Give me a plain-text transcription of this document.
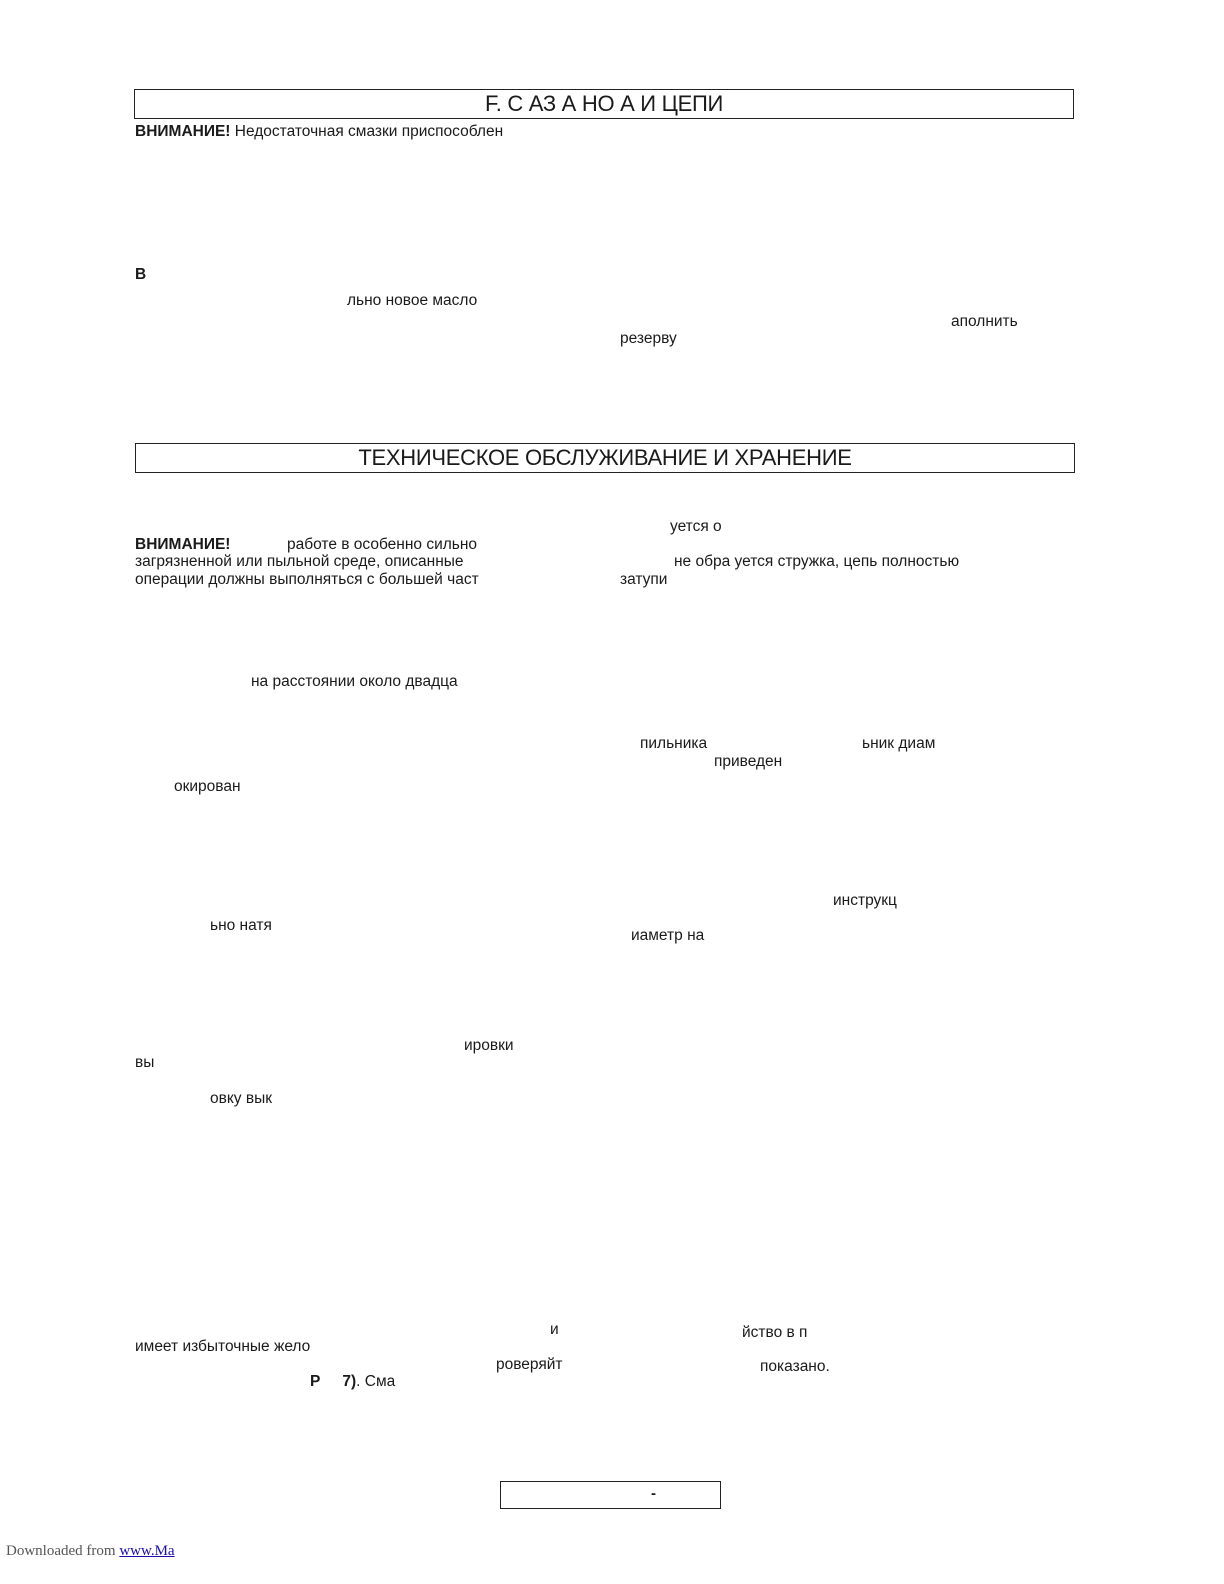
F. С АЗ А НО А И ЦЕПИ
ВНИМАНИЕ! Недостаточная смазки приспособлен
В
льно новое масло
аполнить
резерву
ТЕХНИЧЕСКОЕ ОБСЛУЖИВАНИЕ И ХРАНЕНИЕ
ВНИМАНИЕ!	работе в особенно сильно
загрязненной или пыльной среде, описанные
операции должны выполняться с большей част
на расстоянии около двадца
окирован
ьно натя
ировки
вы
овку вык
имеет избыточные жело
Р 7). Сма
уется о
не обра уется стружка, цепь полностью
затупи
пильника	ьник диам
приведен
инструкц
иаметр на
и	йство в п
роверяйт	показано.
-
Downloaded from www.Ma
